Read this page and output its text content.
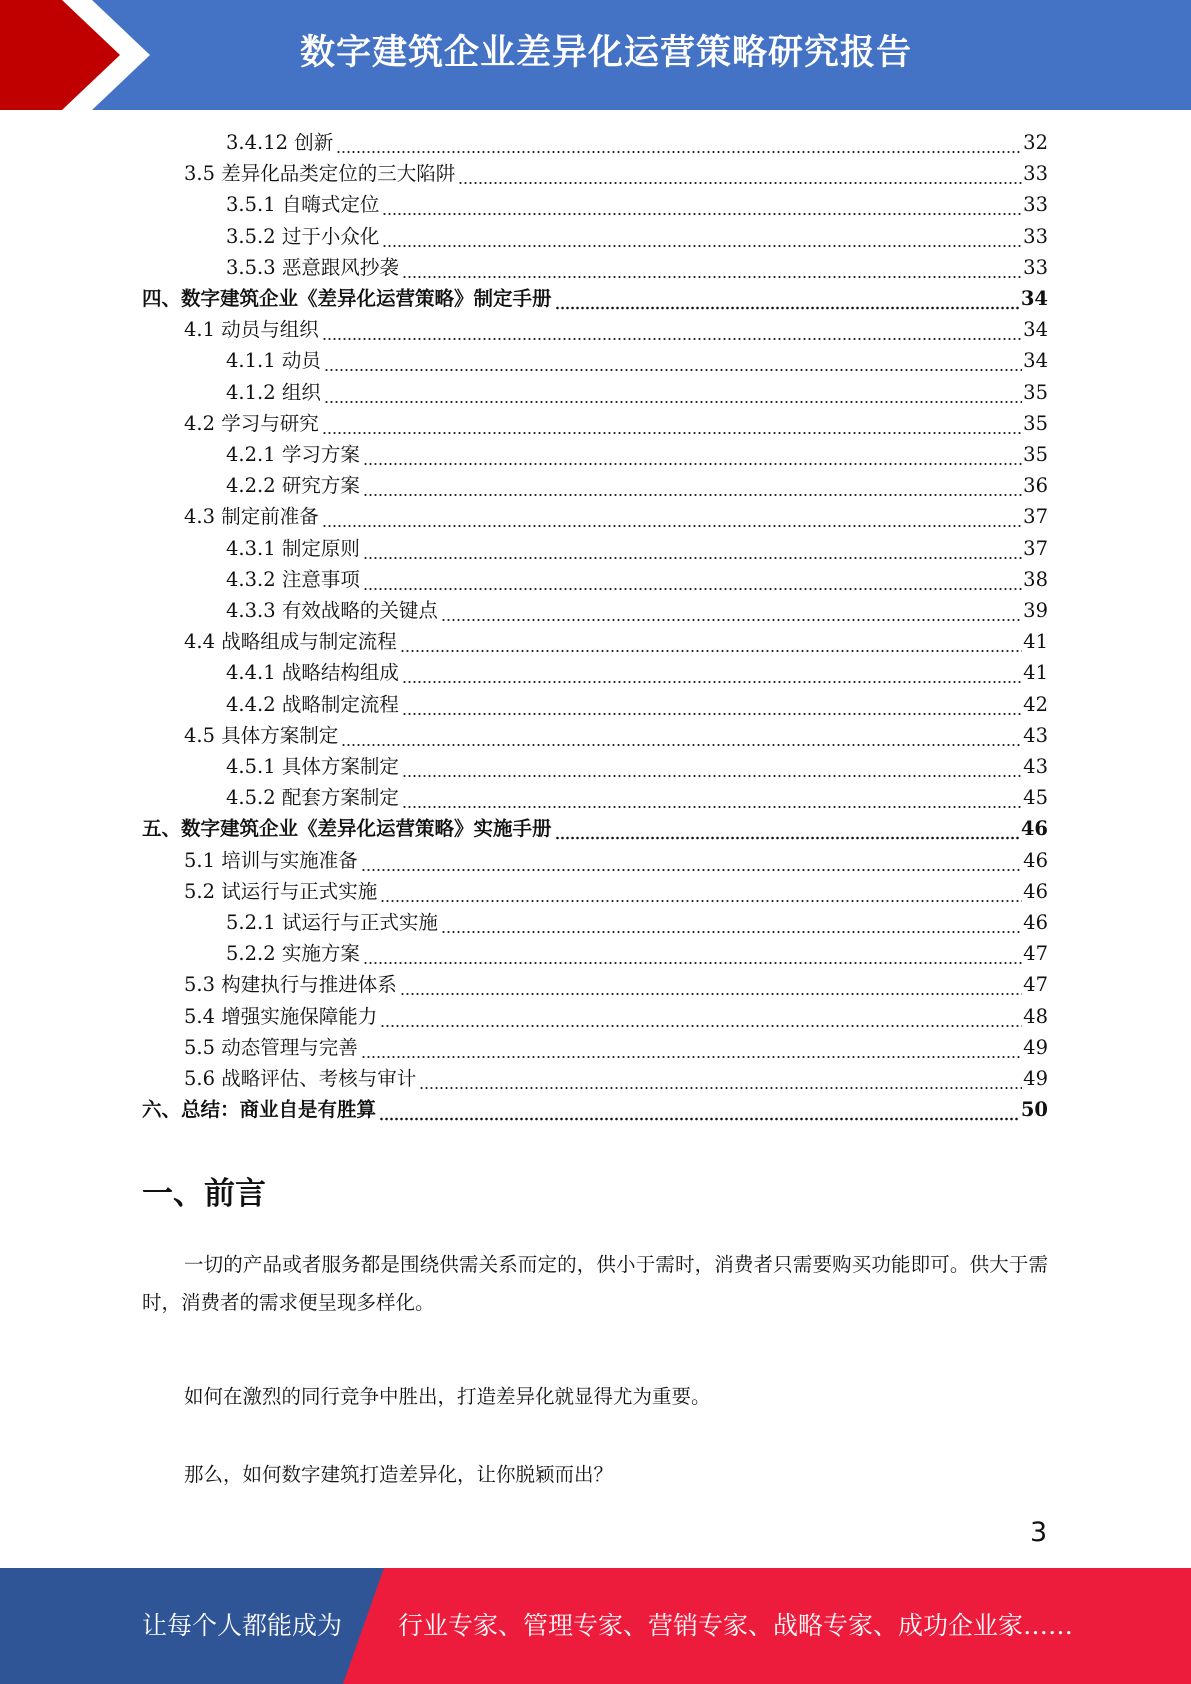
数字建筑企业差异化运营策略研究报告
3.4.12 创新	32
3.5 差异化品类定位的三大陷阱	33
3.5.1 自嗨式定位	33
3.5.2 过于小众化	33
3.5.3 恶意跟风抄袭	33
四、数字建筑企业《差异化运营策略》制定手册	34
4.1 动员与组织	34
4.1.1 动员	34
4.1.2 组织	35
4.2 学习与研究	35
4.2.1 学习方案	35
4.2.2 研究方案	36
4.3 制定前准备	37
4.3.1 制定原则	37
4.3.2 注意事项	38
4.3.3 有效战略的关键点	39
4.4 战略组成与制定流程	41
4.4.1 战略结构组成	41
4.4.2 战略制定流程	42
4.5 具体方案制定	43
4.5.1 具体方案制定	43
4.5.2 配套方案制定	45
五、数字建筑企业《差异化运营策略》实施手册	46
5.1 培训与实施准备	46
5.2 试运行与正式实施	46
5.2.1 试运行与正式实施	46
5.2.2 实施方案	47
5.3 构建执行与推进体系	47
5.4 增强实施保障能力	48
5.5 动态管理与完善	49
5.6 战略评估、考核与审计	49
六、总结：商业自是有胜算	50
一、前言

一切的产品或者服务都是围绕供需关系而定的，供小于需时，消费者只需要购买功能即可。供大于需时，消费者的需求便呈现多样化。

如何在激烈的同行竞争中胜出，打造差异化就显得尤为重要。

那么，如何数字建筑打造差异化，让你脱颖而出？

3
让每个人都能成为 行业专家、管理专家、营销专家、战略专家、成功企业家……
